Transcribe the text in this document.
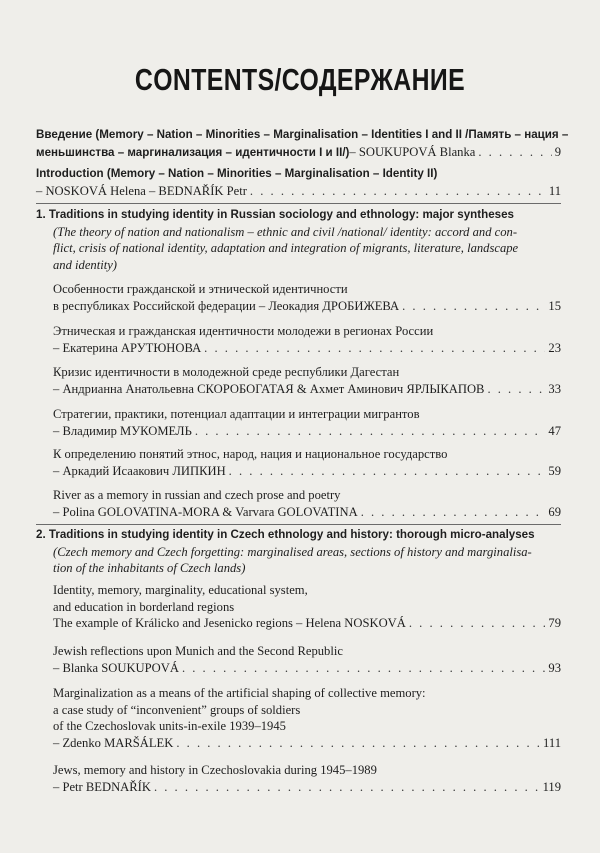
CONTENTS/СОДЕРЖАНИЕ
Введение (Memory – Nation – Minorities – Marginalisation – Identities I and II /Память – нация –
меньшинства – маргинализация – идентичности I и II/) – SOUKUPOVÁ Blanka . . .	9
Introduction (Memory – Nation – Minorities – Marginalisation – Identity II)
– NOSKOVÁ Helena – BEDNAŘÍK Petr . . .	11
1. Traditions in studying identity in Russian sociology and ethnology: major syntheses
(The theory of nation and nationalism – ethnic and civil /national/ identity: accord and con-
flict, crisis of national identity, adaptation and integration of migrants, literature, landscape
and identity)
Особенности гражданской и этнической идентичности
в республиках Российской федерации – Леокадия ДРОБИЖЕВА . . .	15
Этническая и гражданская идентичности молодежи в регионах России
– Екатерина АРУТЮНОВА . . .	23
Кризис идентичности в молодежной среде республики Дагестан
– Андрианна Анатольевна СКОРОБОГАТАЯ & Ахмет Аминович ЯРЛЫКАПОВ . . .	33
Стратегии, практики, потенциал адаптации и интеграции мигрантов
– Владимир МУКОМЕЛЬ . . .	47
К определению понятий этнос, народ, нация и национальное государство
– Аркадий Исаакович ЛИПКИН . . .	59
River as a memory in russian and czech prose and poetry
– Polina GOLOVATINA-MORA & Varvara GOLOVATINA . . .	69
2. Traditions in studying identity in Czech ethnology and history: thorough micro-analyses
(Czech memory and Czech forgetting: marginalised areas, sections of history and marginalisa-
tion of the inhabitants of Czech lands)
Identity, memory, marginality, educational system,
and education in borderland regions
The example of Králicko and Jesenicko regions – Helena NOSKOVÁ . . .	79
Jewish reflections upon Munich and the Second Republic
– Blanka SOUKUPOVÁ . . .	93
Marginalization as a means of the artificial shaping of collective memory:
a case study of “inconvenient” groups of soldiers
of the Czechoslovak units-in-exile 1939–1945
– Zdenko MARŠÁLEK . . .	111
Jews, memory and history in Czechoslovakia during 1945–1989
– Petr BEDNAŘÍK . . .	119
